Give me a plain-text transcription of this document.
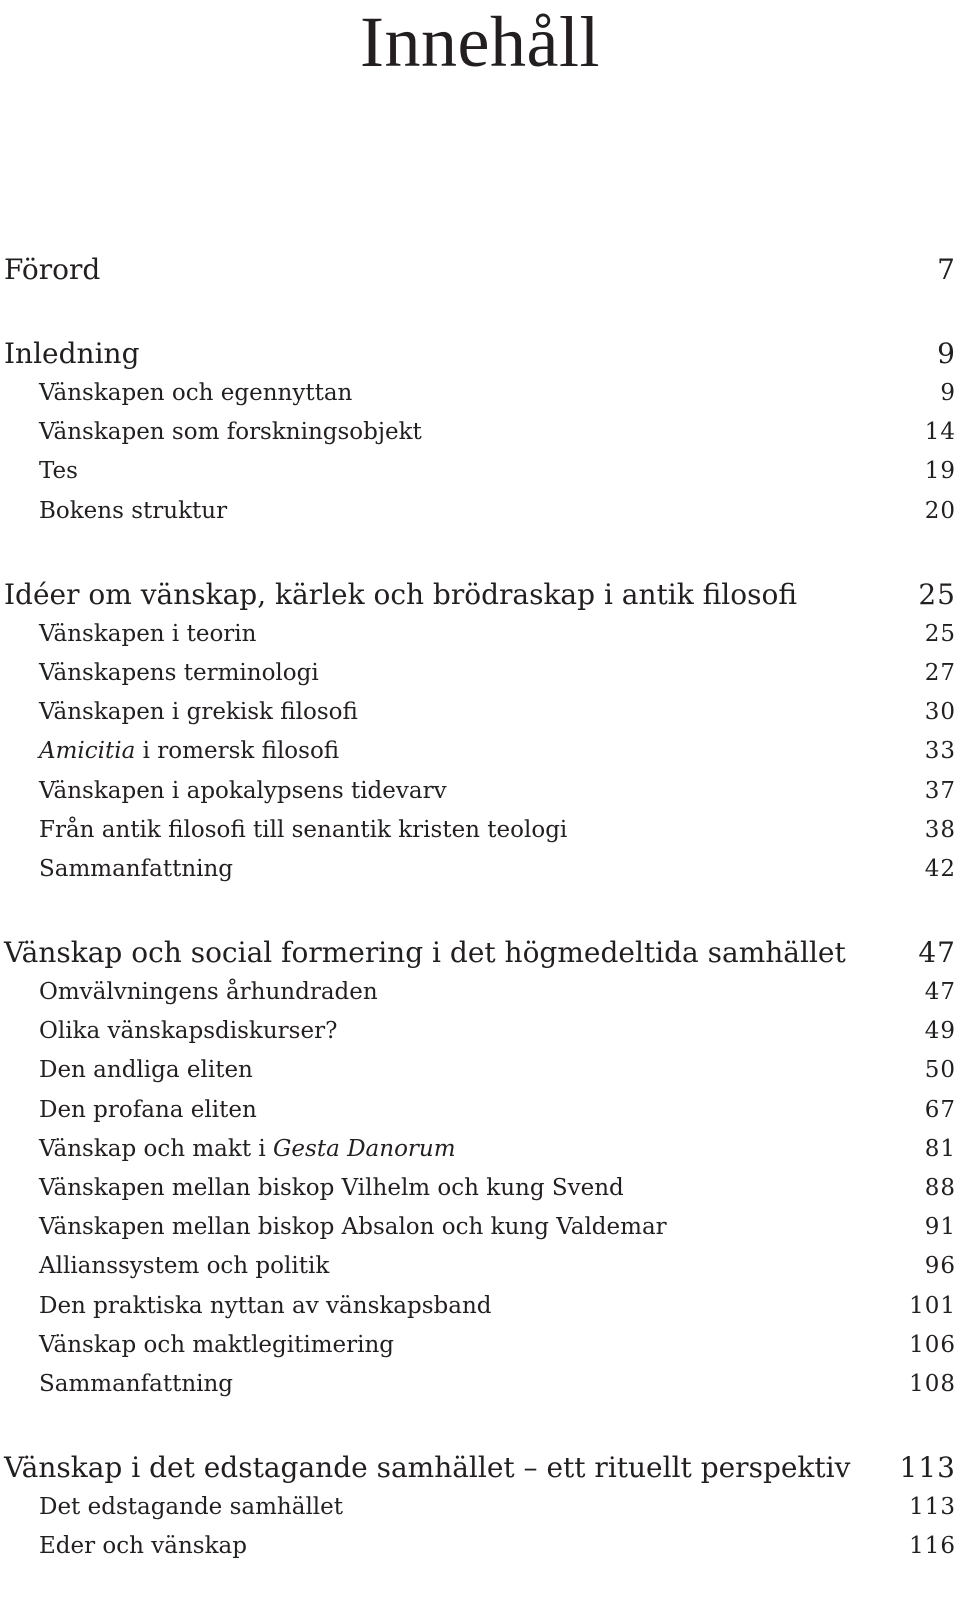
Innehåll
Förord	7
Inledning	9
Vänskapen och egennyttan	9
Vänskapen som forskningsobjekt	14
Tes	19
Bokens struktur	20
Idéer om vänskap, kärlek och brödraskap i antik filosofi	25
Vänskapen i teorin	25
Vänskapens terminologi	27
Vänskapen i grekisk filosofi	30
Amicitia i romersk filosofi	33
Vänskapen i apokalypsens tidevarv	37
Från antik filosofi till senantik kristen teologi	38
Sammanfattning	42
Vänskap och social formering i det högmedeltida samhället	47
Omvälvningens århundraden	47
Olika vänskapsdiskurser?	49
Den andliga eliten	50
Den profana eliten	67
Vänskap och makt i Gesta Danorum	81
Vänskapen mellan biskop Vilhelm och kung Svend	88
Vänskapen mellan biskop Absalon och kung Valdemar	91
Allianssystem och politik	96
Den praktiska nyttan av vänskapsband	101
Vänskap och maktlegitimering	106
Sammanfattning	108
Vänskap i det edstagande samhället – ett rituellt perspektiv 113
Det edstagande samhället	113
Eder och vänskap	116
